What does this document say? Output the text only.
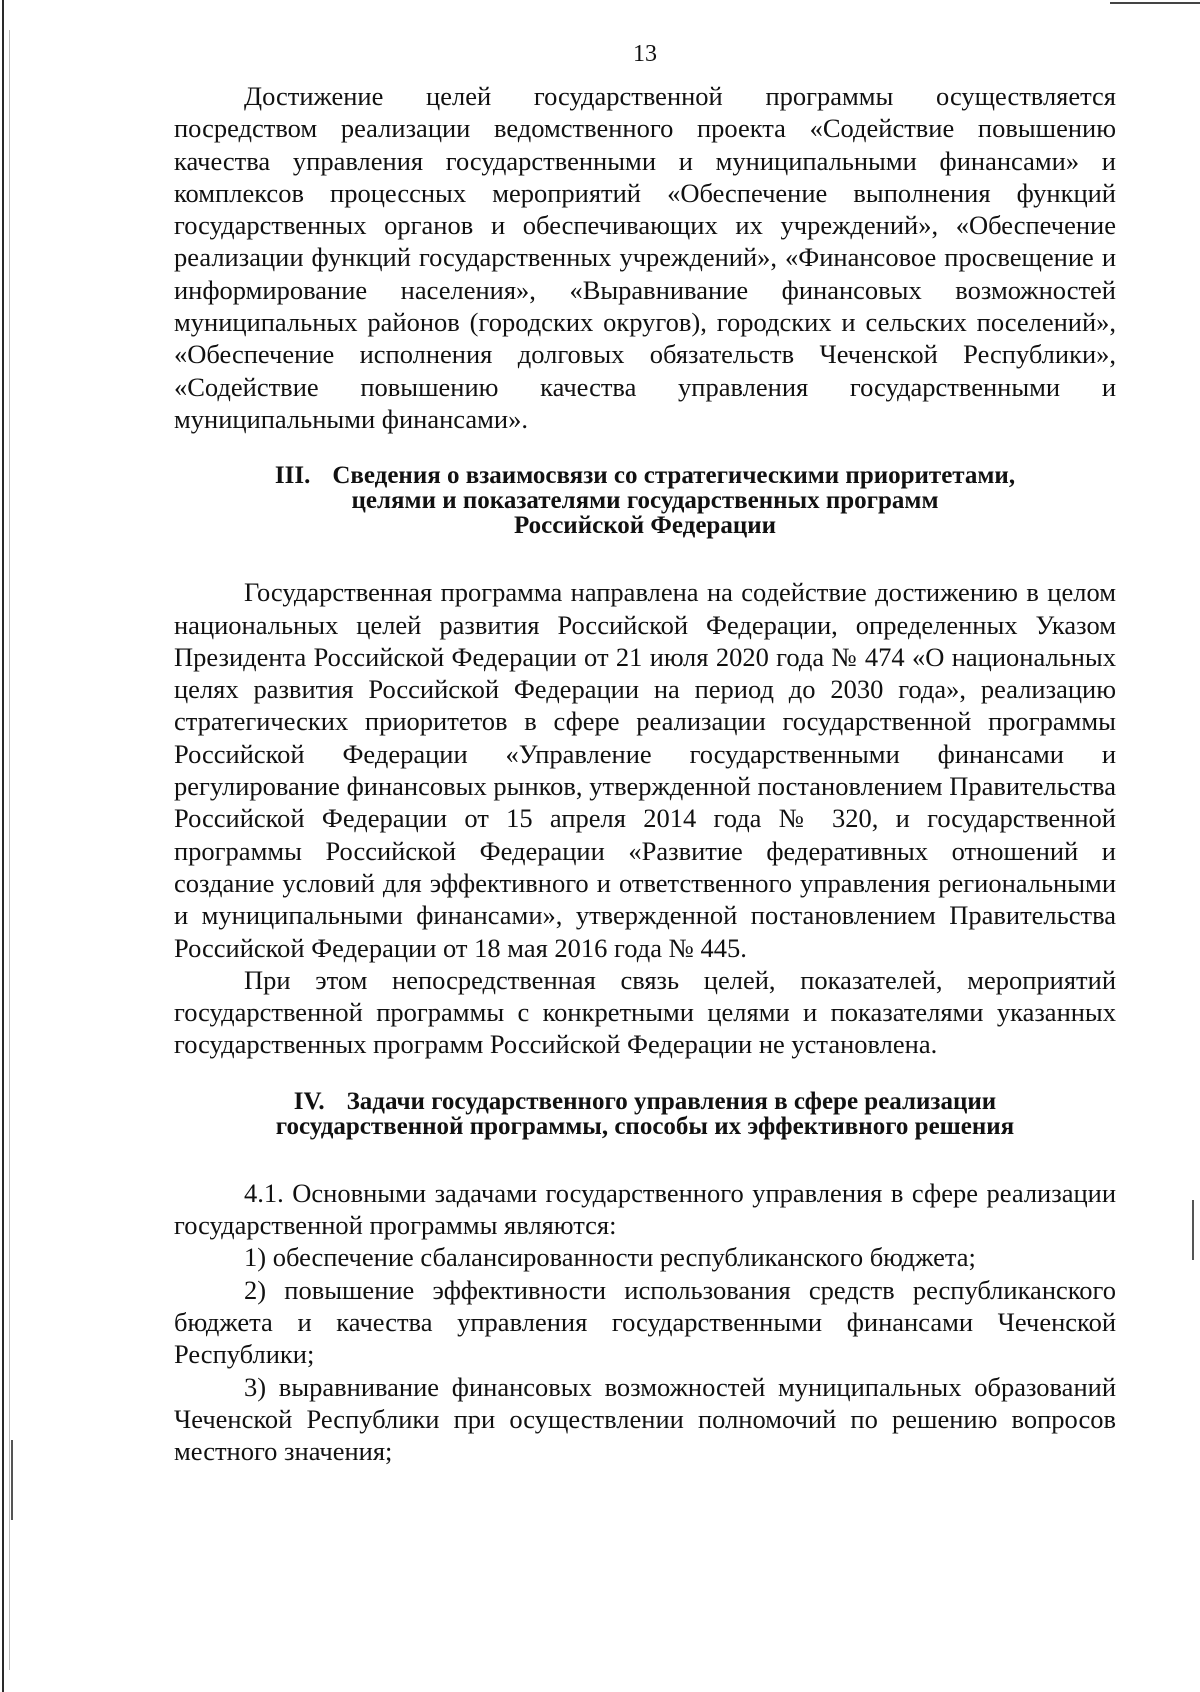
13

Достижение целей государственной программы осуществляется посредством реализации ведомственного проекта «Содействие повышению качества управления государственными и муниципальными финансами» и комплексов процессных мероприятий «Обеспечение выполнения функций государственных органов и обеспечивающих их учреждений», «Обеспечение реализации функций государственных учреждений», «Финансовое просвещение и информирование населения», «Выравнивание финансовых возможностей муниципальных районов (городских округов), городских и сельских поселений», «Обеспечение исполнения долговых обязательств Чеченской Республики», «Содействие повышению качества управления государственными и муниципальными финансами».

III. Сведения о взаимосвязи со стратегическими приоритетами,
целями и показателями государственных программ
Российской Федерации

Государственная программа направлена на содействие достижению в целом национальных целей развития Российской Федерации, определенных Указом Президента Российской Федерации от 21 июля 2020 года № 474 «О национальных целях развития Российской Федерации на период до 2030 года», реализацию стратегических приоритетов в сфере реализации государственной программы Российской Федерации «Управление государственными финансами и регулирование финансовых рынков, утвержденной постановлением Правительства Российской Федерации от 15 апреля 2014 года № 320, и государственной программы Российской Федерации «Развитие федеративных отношений и создание условий для эффективного и ответственного управления региональными и муниципальными финансами», утвержденной постановлением Правительства Российской Федерации от 18 мая 2016 года № 445.

При этом непосредственная связь целей, показателей, мероприятий государственной программы с конкретными целями и показателями указанных государственных программ Российской Федерации не установлена.

IV. Задачи государственного управления в сфере реализации
государственной программы, способы их эффективного решения

4.1. Основными задачами государственного управления в сфере реализации государственной программы являются:

1) обеспечение сбалансированности республиканского бюджета;

2) повышение эффективности использования средств республиканского бюджета и качества управления государственными финансами Чеченской Республики;

3) выравнивание финансовых возможностей муниципальных образований Чеченской Республики при осуществлении полномочий по решению вопросов местного значения;
